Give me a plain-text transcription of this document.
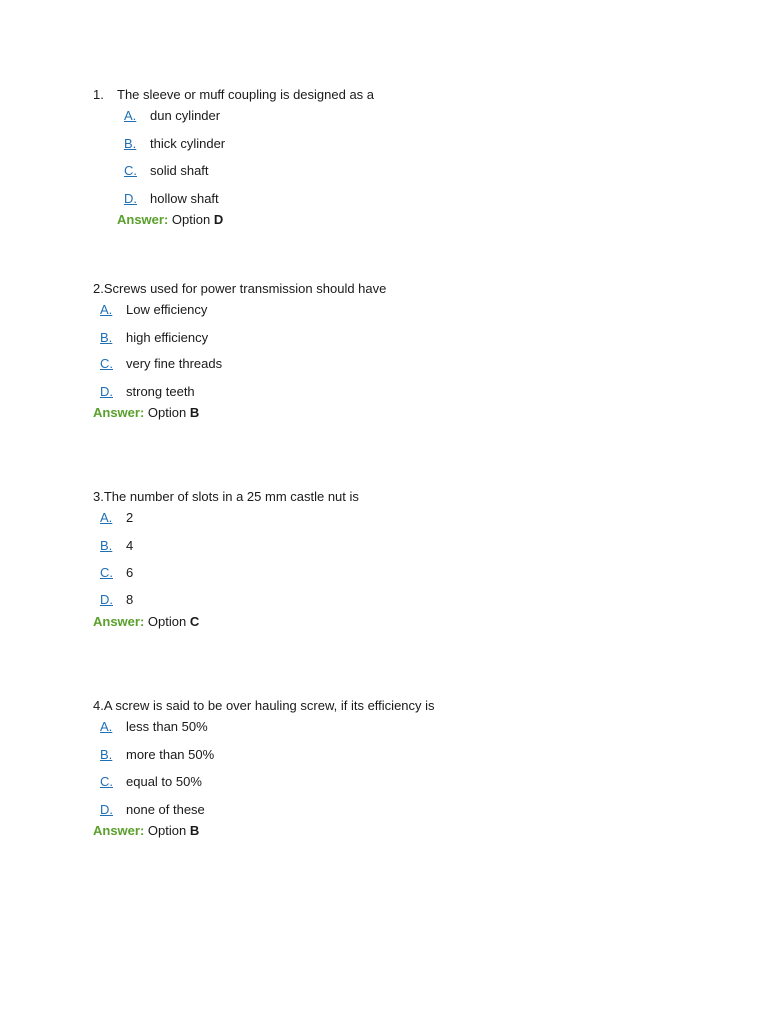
1. The sleeve or muff coupling is designed as a
A. dun cylinder
B. thick cylinder
C. solid shaft
D. hollow shaft
Answer: Option D
2.Screws used for power transmission should have
A. Low efficiency
B. high efficiency
C. very fine threads
D. strong teeth
Answer: Option B
3.The number of slots in a 25 mm castle nut is
A. 2
B. 4
C. 6
D. 8
Answer: Option C
4.A screw is said to be over hauling screw, if its efficiency is
A. less than 50%
B. more than 50%
C. equal to 50%
D. none of these
Answer: Option B
